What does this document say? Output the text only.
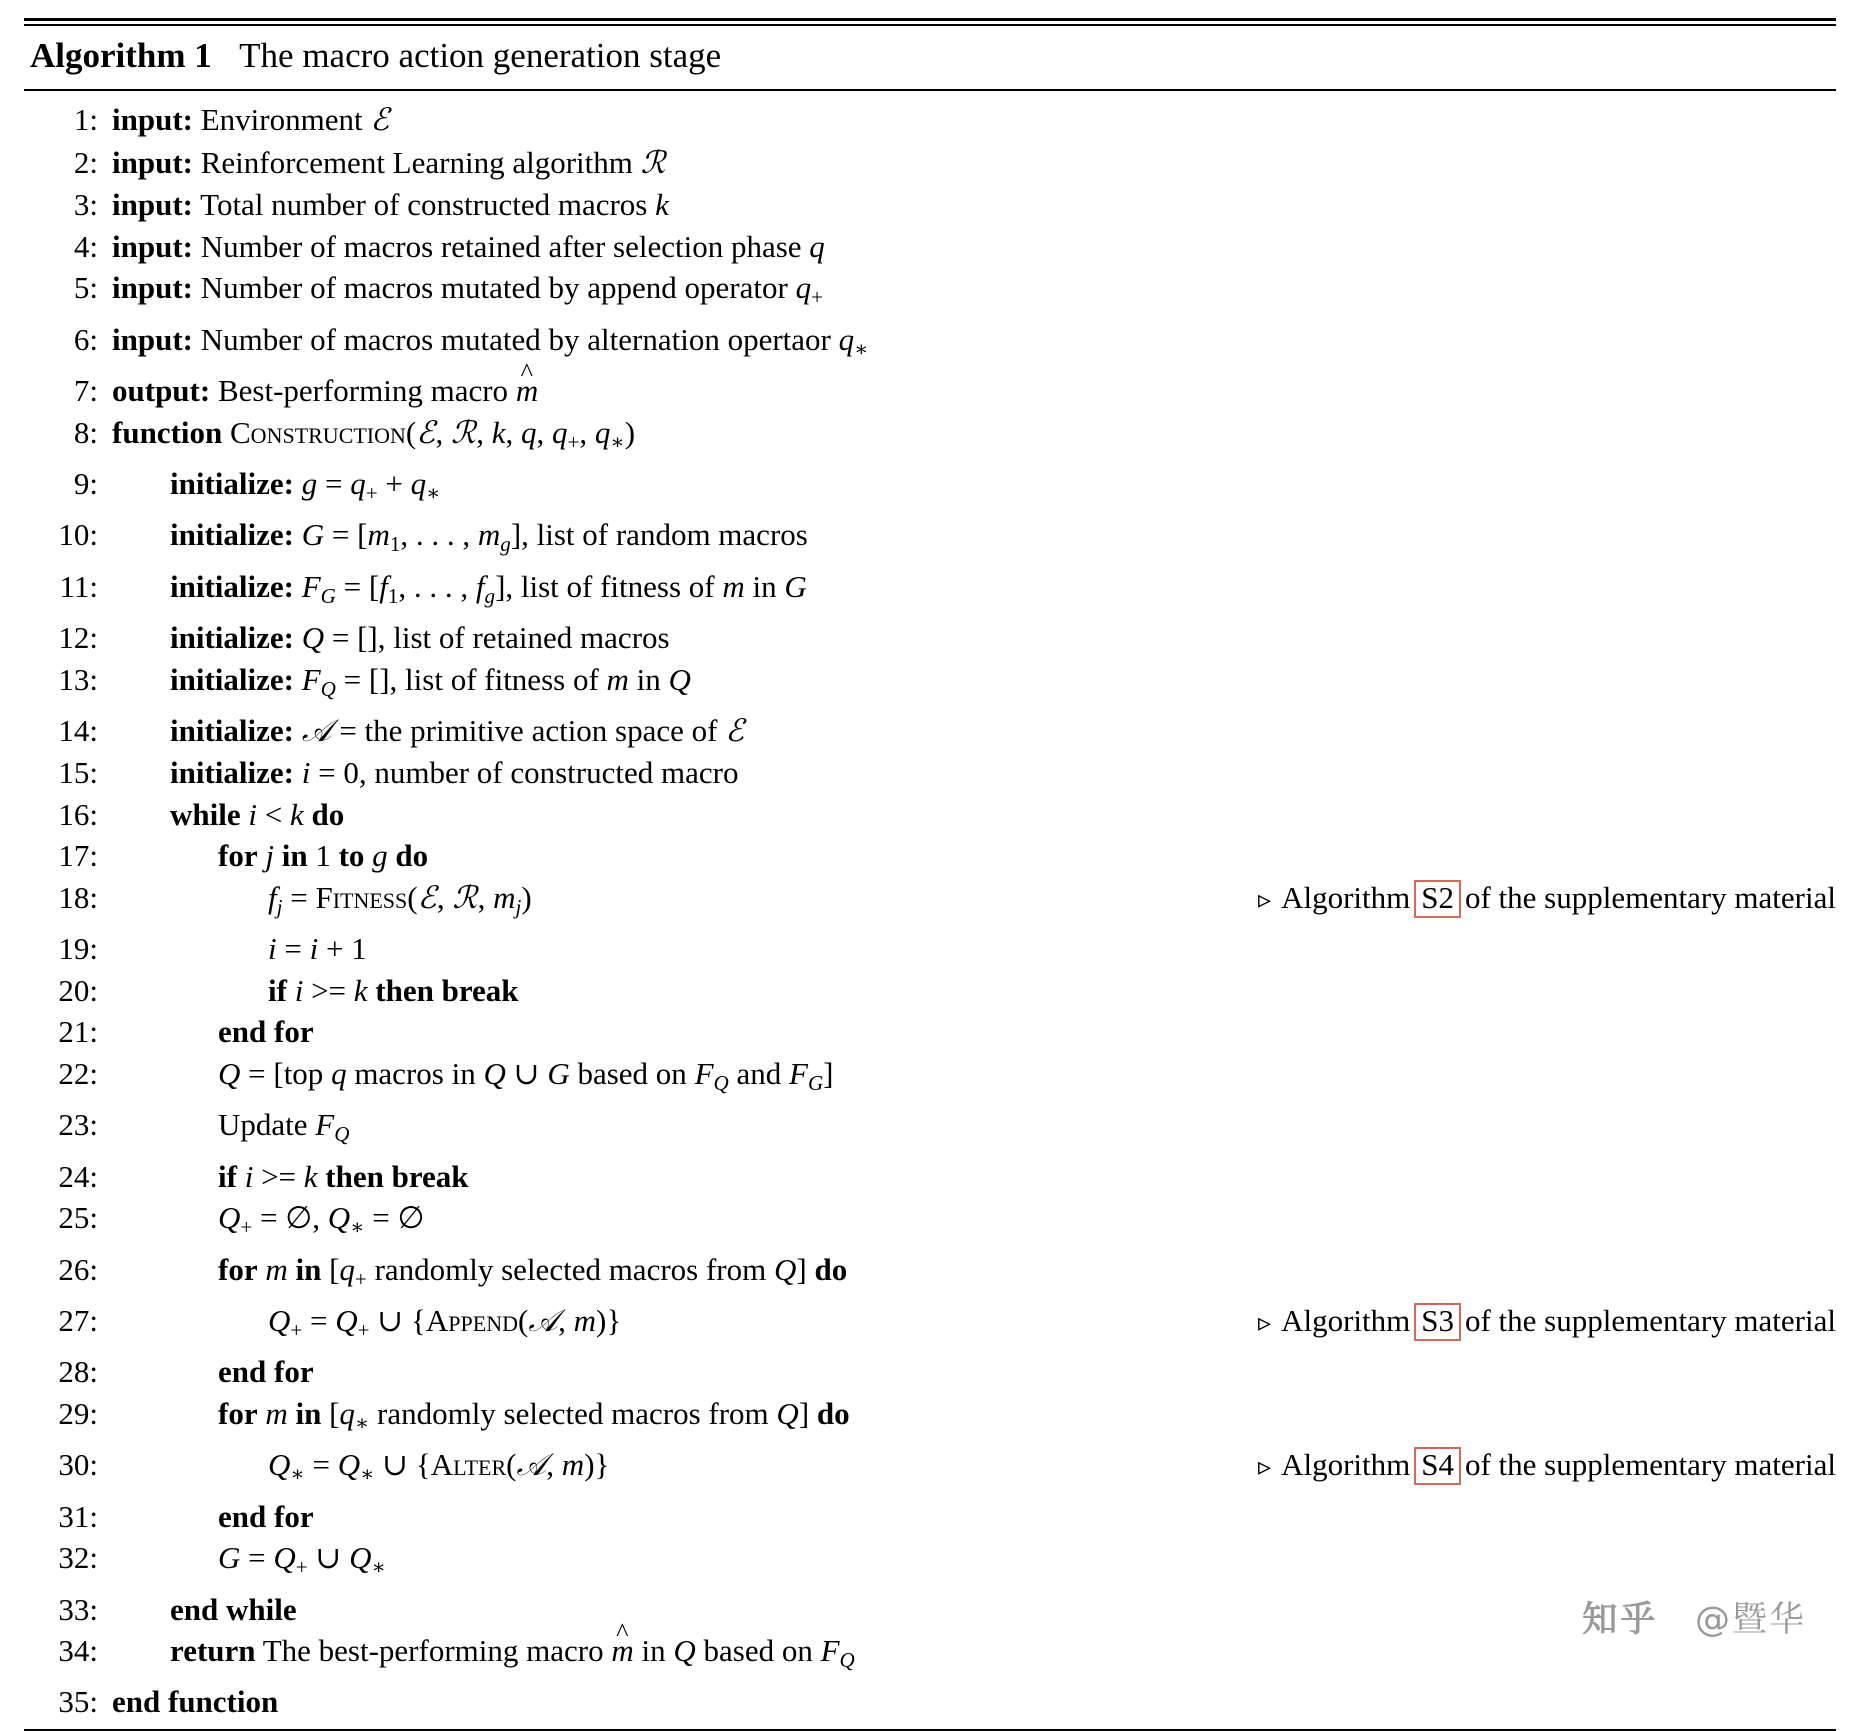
Algorithm 1 The macro action generation stage
1: input: Environment ℰ
2: input: Reinforcement Learning algorithm ℛ
3: input: Total number of constructed macros k
4: input: Number of macros retained after selection phase q
5: input: Number of macros mutated by append operator $q_+$
6: input: Number of macros mutated by alternation opertaor $q_∗$
7: output: Best-performing macro ^ m
8: function Construction(ℰ, ℛ, k, q, $q_+$, $q_∗$)
9:	initialize: $g = q_+ + q_∗$
10:	initialize: $G = [m_1$, . . . , $m_g$], list of random macros
11:	initialize: $F_G = [f_1$, . . . , $f_g$], list of fitness of m in G
12:	initialize: Q = [], list of retained macros
13:	initialize: $F_Q$ = [], list of fitness of m in Q
14:	initialize: 𝒜 = the primitive action space of ℰ
15:	initialize: i = 0, number of constructed macro
16:	while i < k do
17:	for j in 1 to g do
18:	$f_j$ = Fitness(ℰ, ℛ, $m_j$)	▹ Algorithm S2 of the supplementary material
19:	i = i + 1
20:	if i >= k then break
21:	end for
22:	Q = [top q macros in Q ∪ G based on $F_Q$ and $F_G$]
23:	Update $F_Q$
24:	if i >= k then break
25:	$Q_+$ = ∅, $Q_∗$ = ∅
26:	for m in [$q_+$ randomly selected macros from Q] do
27:	$Q_+ = Q_+$ ∪ {Append(𝒜, m)}	▹ Algorithm S3 of the supplementary material
28:	end for
29:	for m in [$q_∗$ randomly selected macros from Q] do
30:	$Q_∗ = Q_∗$ ∪ {Alter(𝒜, m)}	▹ Algorithm S4 of the supplementary material
31:	end for
32:	$G = Q_+$ ∪ $Q_∗$
33:	end while
34:	return The best-performing macro ^ m in Q based on $F_Q$
35: end function
知乎 @暨华
